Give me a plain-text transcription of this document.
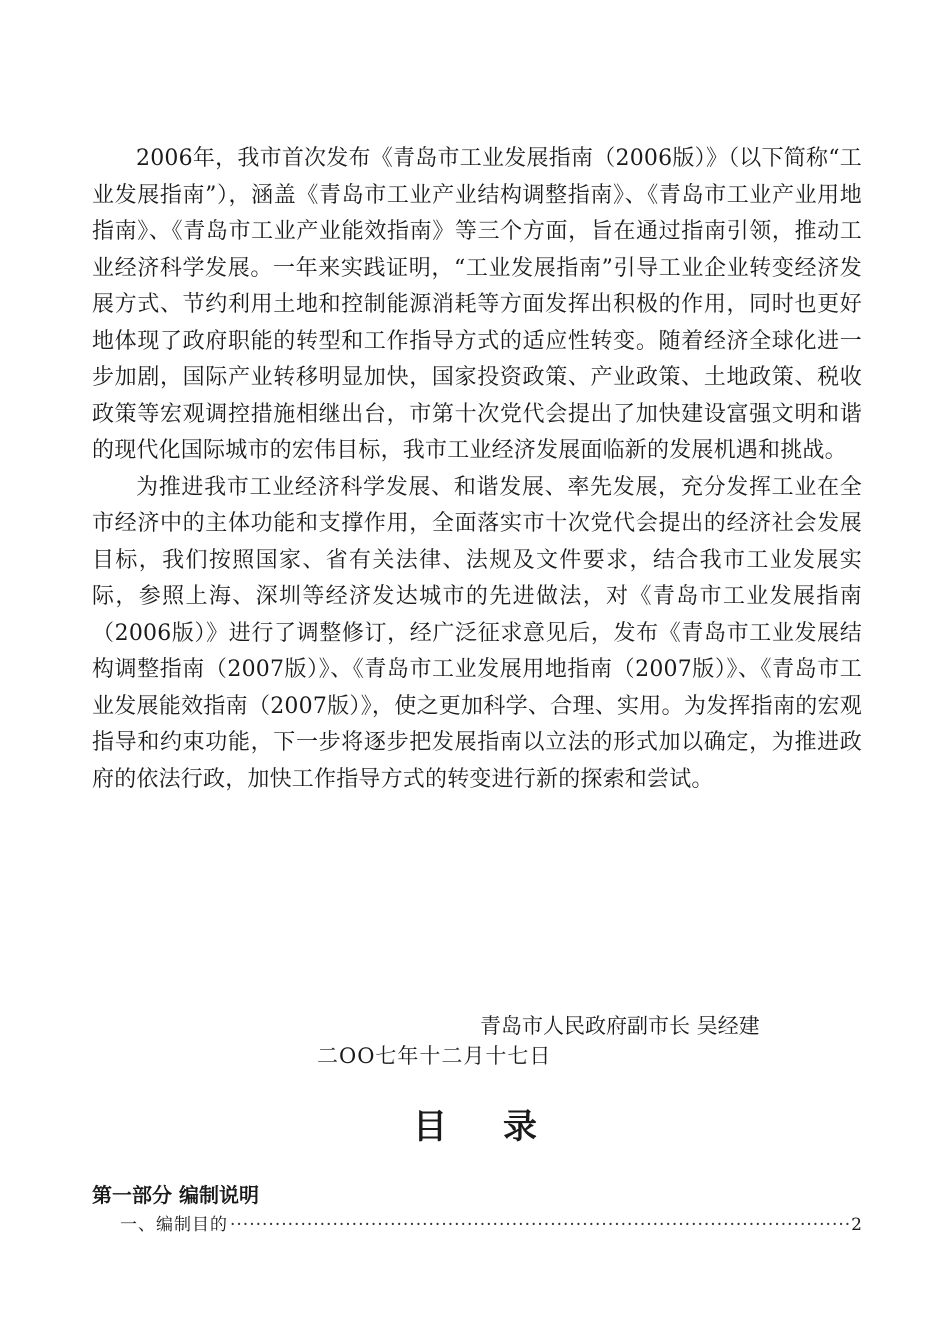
2006年，我市首次发布《青岛市工业发展指南（2006版）》（以下简称“工业发展指南”），涵盖《青岛市工业产业结构调整指南》、《青岛市工业产业用地指南》、《青岛市工业产业能效指南》等三个方面，旨在通过指南引领，推动工业经济科学发展。一年来实践证明，“工业发展指南”引导工业企业转变经济发展方式、节约利用土地和控制能源消耗等方面发挥出积极的作用，同时也更好地体现了政府职能的转型和工作指导方式的适应性转变。随着经济全球化进一步加剧，国际产业转移明显加快，国家投资政策、产业政策、土地政策、税收政策等宏观调控措施相继出台，市第十次党代会提出了加快建设富强文明和谐的现代化国际城市的宏伟目标，我市工业经济发展面临新的发展机遇和挑战。

为推进我市工业经济科学发展、和谐发展、率先发展，充分发挥工业在全市经济中的主体功能和支撑作用，全面落实市十次党代会提出的经济社会发展目标，我们按照国家、省有关法律、法规及文件要求，结合我市工业发展实际，参照上海、深圳等经济发达城市的先进做法，对《青岛市工业发展指南（2006版）》进行了调整修订，经广泛征求意见后，发布《青岛市工业发展结构调整指南（2007版）》、《青岛市工业发展用地指南（2007版）》、《青岛市工业发展能效指南（2007版）》，使之更加科学、合理、实用。为发挥指南的宏观指导和约束功能，下一步将逐步把发展指南以立法的形式加以确定，为推进政府的依法行政，加快工作指导方式的转变进行新的探索和尝试。

青岛市人民政府副市长 吴经建
二OO七年十二月十七日
目录
第一部分 编制说明
一、编制目的
·····	2
